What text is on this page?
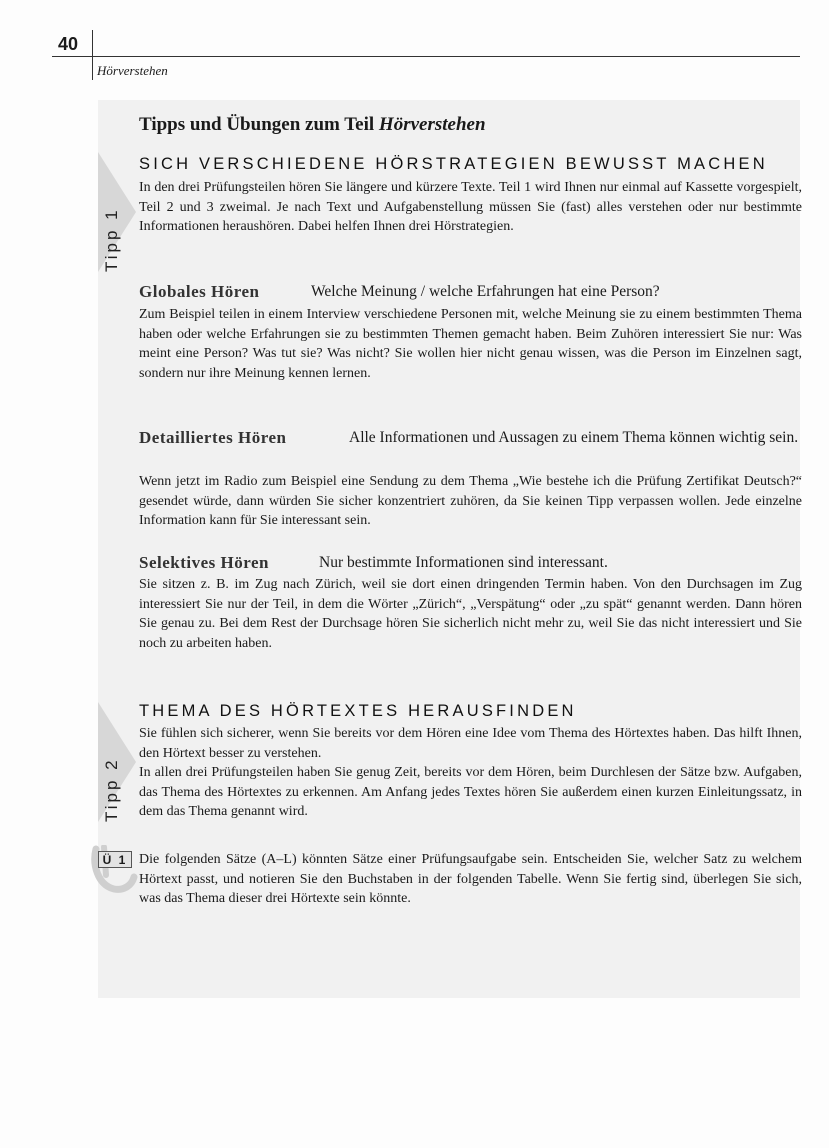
40
Hörverstehen
Tipps und Übungen zum Teil Hörverstehen
Tipp 1
SICH VERSCHIEDENE HÖRSTRATEGIEN BEWUSST MACHEN
In den drei Prüfungsteilen hören Sie längere und kürzere Texte. Teil 1 wird Ihnen nur einmal auf Kassette vorgespielt, Teil 2 und 3 zweimal. Je nach Text und Aufgabenstellung müssen Sie (fast) alles verstehen oder nur bestimmte Informationen heraushören. Dabei helfen Ihnen drei Hörstrategien.
Globales Hören	Welche Meinung / welche Erfahrungen hat eine Person?
Zum Beispiel teilen in einem Interview verschiedene Personen mit, welche Meinung sie zu einem bestimmten Thema haben oder welche Erfahrungen sie zu bestimmten Themen gemacht haben. Beim Zuhören interessiert Sie nur: Was meint eine Person? Was tut sie? Was nicht? Sie wollen hier nicht genau wissen, was die Person im Einzelnen sagt, sondern nur ihre Meinung kennen lernen.
Detailliertes Hören	Alle Informationen und Aussagen zu einem Thema können wichtig sein.
Wenn jetzt im Radio zum Beispiel eine Sendung zu dem Thema „Wie bestehe ich die Prüfung Zertifikat Deutsch?“ gesendet würde, dann würden Sie sicher konzentriert zuhören, da Sie keinen Tipp verpassen wollen. Jede einzelne Information kann für Sie interessant sein.
Selektives Hören	Nur bestimmte Informationen sind interessant.
Sie sitzen z. B. im Zug nach Zürich, weil sie dort einen dringenden Termin haben. Von den Durchsagen im Zug interessiert Sie nur der Teil, in dem die Wörter „Zürich“, „Verspätung“ oder „zu spät“ genannt werden. Dann hören Sie genau zu. Bei dem Rest der Durchsage hören Sie sicherlich nicht mehr zu, weil Sie das nicht interessiert und Sie noch zu arbeiten haben.
Tipp 2
THEMA DES HÖRTEXTES HERAUSFINDEN
Sie fühlen sich sicherer, wenn Sie bereits vor dem Hören eine Idee vom Thema des Hörtextes haben. Das hilft Ihnen, den Hörtext besser zu verstehen.
In allen drei Prüfungsteilen haben Sie genug Zeit, bereits vor dem Hören, beim Durchlesen der Sätze bzw. Aufgaben, das Thema des Hörtextes zu erkennen. Am Anfang jedes Textes hören Sie außerdem einen kurzen Einleitungssatz, in dem das Thema genannt wird.
Ü 1 Die folgenden Sätze (A–L) könnten Sätze einer Prüfungsaufgabe sein. Entscheiden Sie, welcher Satz zu welchem Hörtext passt, und notieren Sie den Buchstaben in der folgenden Tabelle. Wenn Sie fertig sind, überlegen Sie sich, was das Thema dieser drei Hörtexte sein könnte.
